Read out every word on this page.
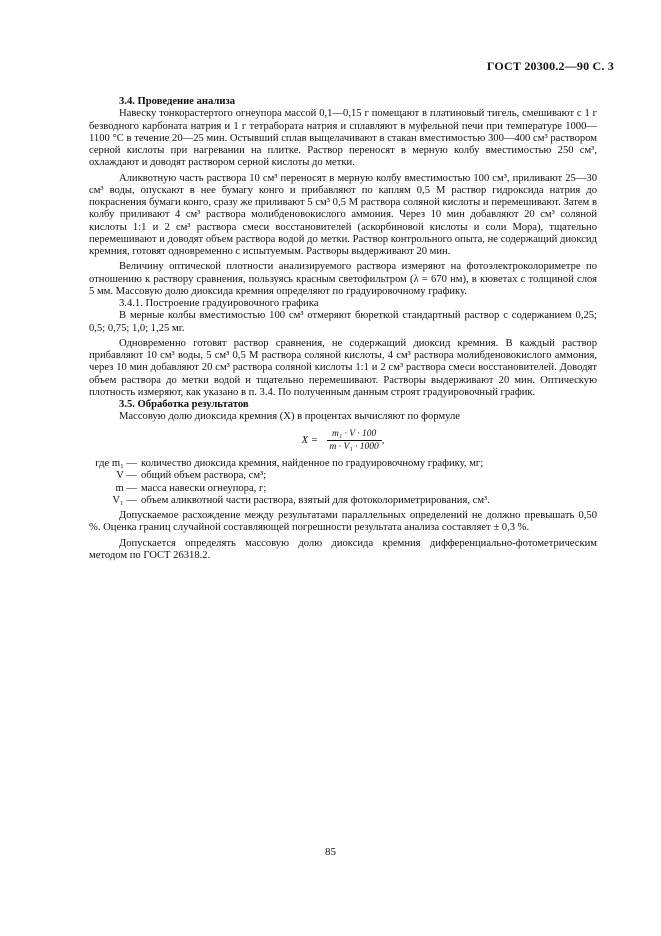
ГОСТ 20300.2—90 С. 3

3.4. Проведение анализа

Навеску тонкорастертого огнеупора массой 0,1—0,15 г помещают в платиновый тигель, смешивают с 1 г безводного карбоната натрия и 1 г тетрабората натрия и сплавляют в муфельной печи при температуре 1000—1100 °С в течение 20—25 мин. Остывший сплав выщелачивают в стакан вместимостью 300—400 см³ раствором серной кислоты при нагревании на плитке. Раствор переносят в мерную колбу вместимостью 250 см³, охлаждают и доводят раствором серной кислоты до метки.

Аликвотную часть раствора 10 см³ переносят в мерную колбу вместимостью 100 см³, приливают 25—30 см³ воды, опускают в нее бумагу конго и прибавляют по каплям 0,5 М раствор гидроксида натрия до покраснения бумаги конго, сразу же приливают 5 см³ 0,5 М раствора соляной кислоты и перемешивают. Затем в колбу приливают 4 см³ раствора молибденовокислого аммония. Через 10 мин добавляют 20 см³ соляной кислоты 1:1 и 2 см³ раствора смеси восстановителей (аскорбиновой кислоты и соли Мора), тщательно перемешивают и доводят объем раствора водой до метки. Раствор контрольного опыта, не содержащий диоксид кремния, готовят одновременно с испытуемым. Растворы выдерживают 20 мин.

Величину оптической плотности анализируемого раствора измеряют на фотоэлектроколориметре по отношению к раствору сравнения, пользуясь красным светофильтром (λ = 670 нм), в кюветах с толщиной слоя 5 мм. Массовую долю диоксида кремния определяют по градуировочному графику.

3.4.1. Построение градуировочного графика

В мерные колбы вместимостью 100 см³ отмеряют бюреткой стандартный раствор с содержанием 0,25; 0,5; 0,75; 1,0; 1,25 мг.

Одновременно готовят раствор сравнения, не содержащий диоксид кремния. В каждый раствор прибавляют 10 см³ воды, 5 см³ 0,5 М раствора соляной кислоты, 4 см³ раствора молибденовокислого аммония, через 10 мин добавляют 20 см³ раствора соляной кислоты 1:1 и 2 см³ раствора смеси восстановителей. Доводят объем раствора до метки водой и тщательно перемешивают. Растворы выдерживают 20 мин. Оптическую плотность измеряют, как указано в п. 3.4. По полученным данным строят градуировочный график.

3.5. Обработка результатов

Массовую долю диоксида кремния (X) в процентах вычисляют по формуле

$X = \frac{\text{m₁ · V · 100}}{\text{m · V₁ · 1000}}$ ,
где m₁ — количество диоксида кремния, найденное по градуировочному графику, мг;
V — общий объем раствора, см³;
m — масса навески огнеупора, г;
V₁ — объем аликвотной части раствора, взятый для фотоколориметрирования, см³.

Допускаемое расхождение между результатами параллельных определений не должно превышать 0,50 %. Оценка границ случайной составляющей погрешности результата анализа составляет ± 0,3 %.

Допускается определять массовую долю диоксида кремния дифференциально-фотометрическим методом по ГОСТ 26318.2.

85
